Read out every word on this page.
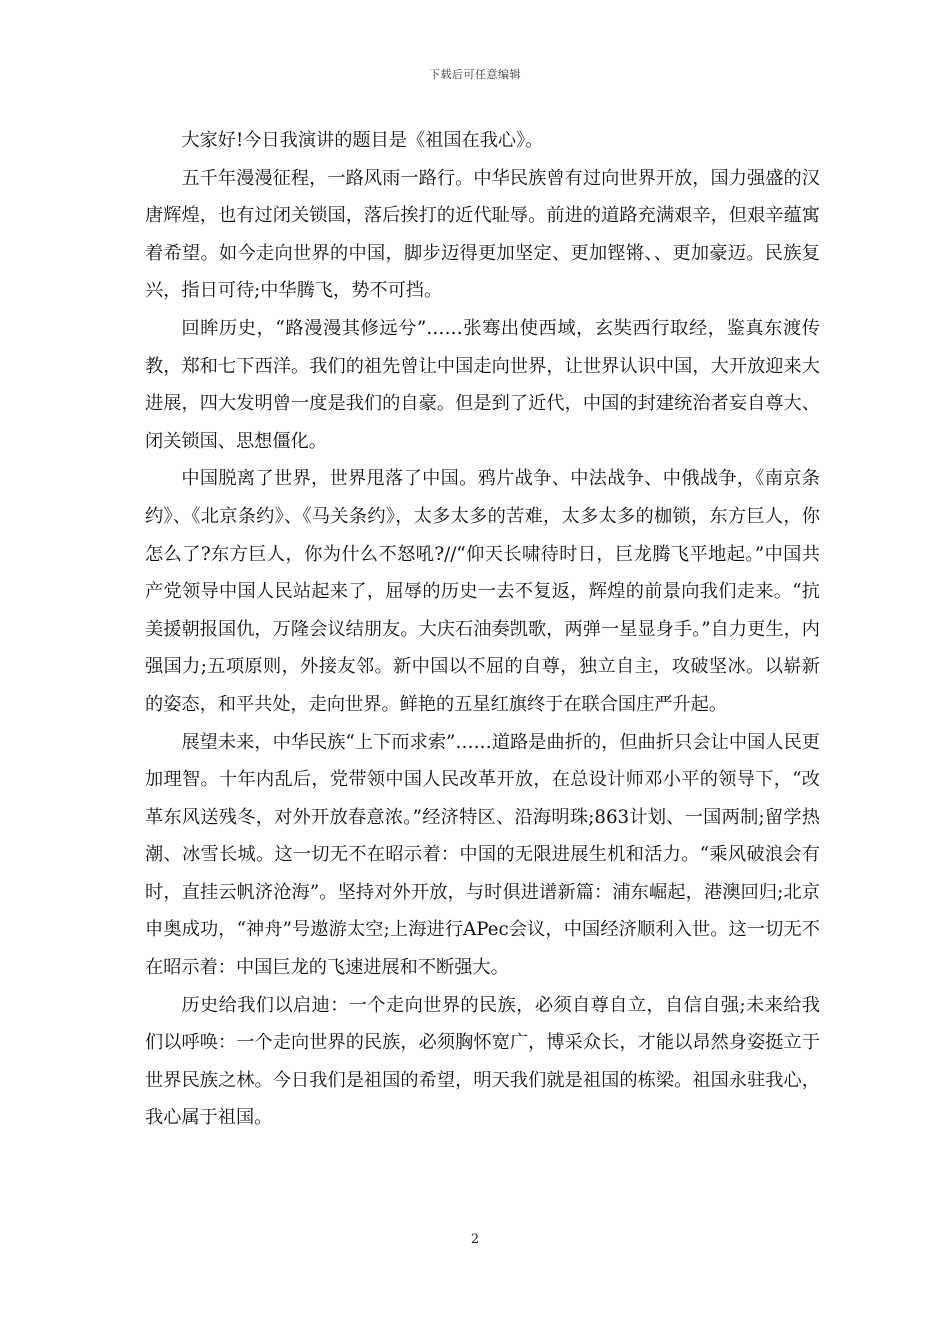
下载后可任意编辑

大家好!今日我演讲的题目是《祖国在我心》。

五千年漫漫征程，一路风雨一路行。中华民族曾有过向世界开放，国力强盛的汉唐辉煌，也有过闭关锁国，落后挨打的近代耻辱。前进的道路充满艰辛，但艰辛蕴寓着希望。如今走向世界的中国，脚步迈得更加坚定、更加铿锵、、更加豪迈。民族复兴，指日可待;中华腾飞，势不可挡。

回眸历史，“路漫漫其修远兮”……张骞出使西域，玄奘西行取经，鉴真东渡传教，郑和七下西洋。我们的祖先曾让中国走向世界，让世界认识中国，大开放迎来大进展，四大发明曾一度是我们的自豪。但是到了近代，中国的封建统治者妄自尊大、闭关锁国、思想僵化。

中国脱离了世界，世界甩落了中国。鸦片战争、中法战争、中俄战争，《南京条约》、《北京条约》、《马关条约》，太多太多的苦难，太多太多的枷锁，东方巨人，你怎么了?东方巨人，你为什么不怒吼?//“仰天长啸待时日，巨龙腾飞平地起。”中国共产党领导中国人民站起来了，屈辱的历史一去不复返，辉煌的前景向我们走来。“抗美援朝报国仇，万隆会议结朋友。大庆石油奏凯歌，两弹一星显身手。”自力更生，内强国力;五项原则，外接友邻。新中国以不屈的自尊，独立自主，攻破坚冰。以崭新的姿态，和平共处，走向世界。鲜艳的五星红旗终于在联合国庄严升起。

展望未来，中华民族“上下而求索”……道路是曲折的，但曲折只会让中国人民更加理智。十年内乱后，党带领中国人民改革开放，在总设计师邓小平的领导下，“改革东风送残冬，对外开放春意浓。”经济特区、沿海明珠;863计划、一国两制;留学热潮、冰雪长城。这一切无不在昭示着：中国的无限进展生机和活力。“乘风破浪会有时，直挂云帆济沧海”。坚持对外开放，与时俱进谱新篇：浦东崛起，港澳回归;北京申奥成功，“神舟”号遨游太空;上海进行APec会议，中国经济顺利入世。这一切无不在昭示着：中国巨龙的飞速进展和不断强大。

历史给我们以启迪：一个走向世界的民族，必须自尊自立，自信自强;未来给我们以呼唤：一个走向世界的民族，必须胸怀宽广，博采众长，才能以昂然身姿挺立于世界民族之林。今日我们是祖国的希望，明天我们就是祖国的栋梁。祖国永驻我心，我心属于祖国。

2
